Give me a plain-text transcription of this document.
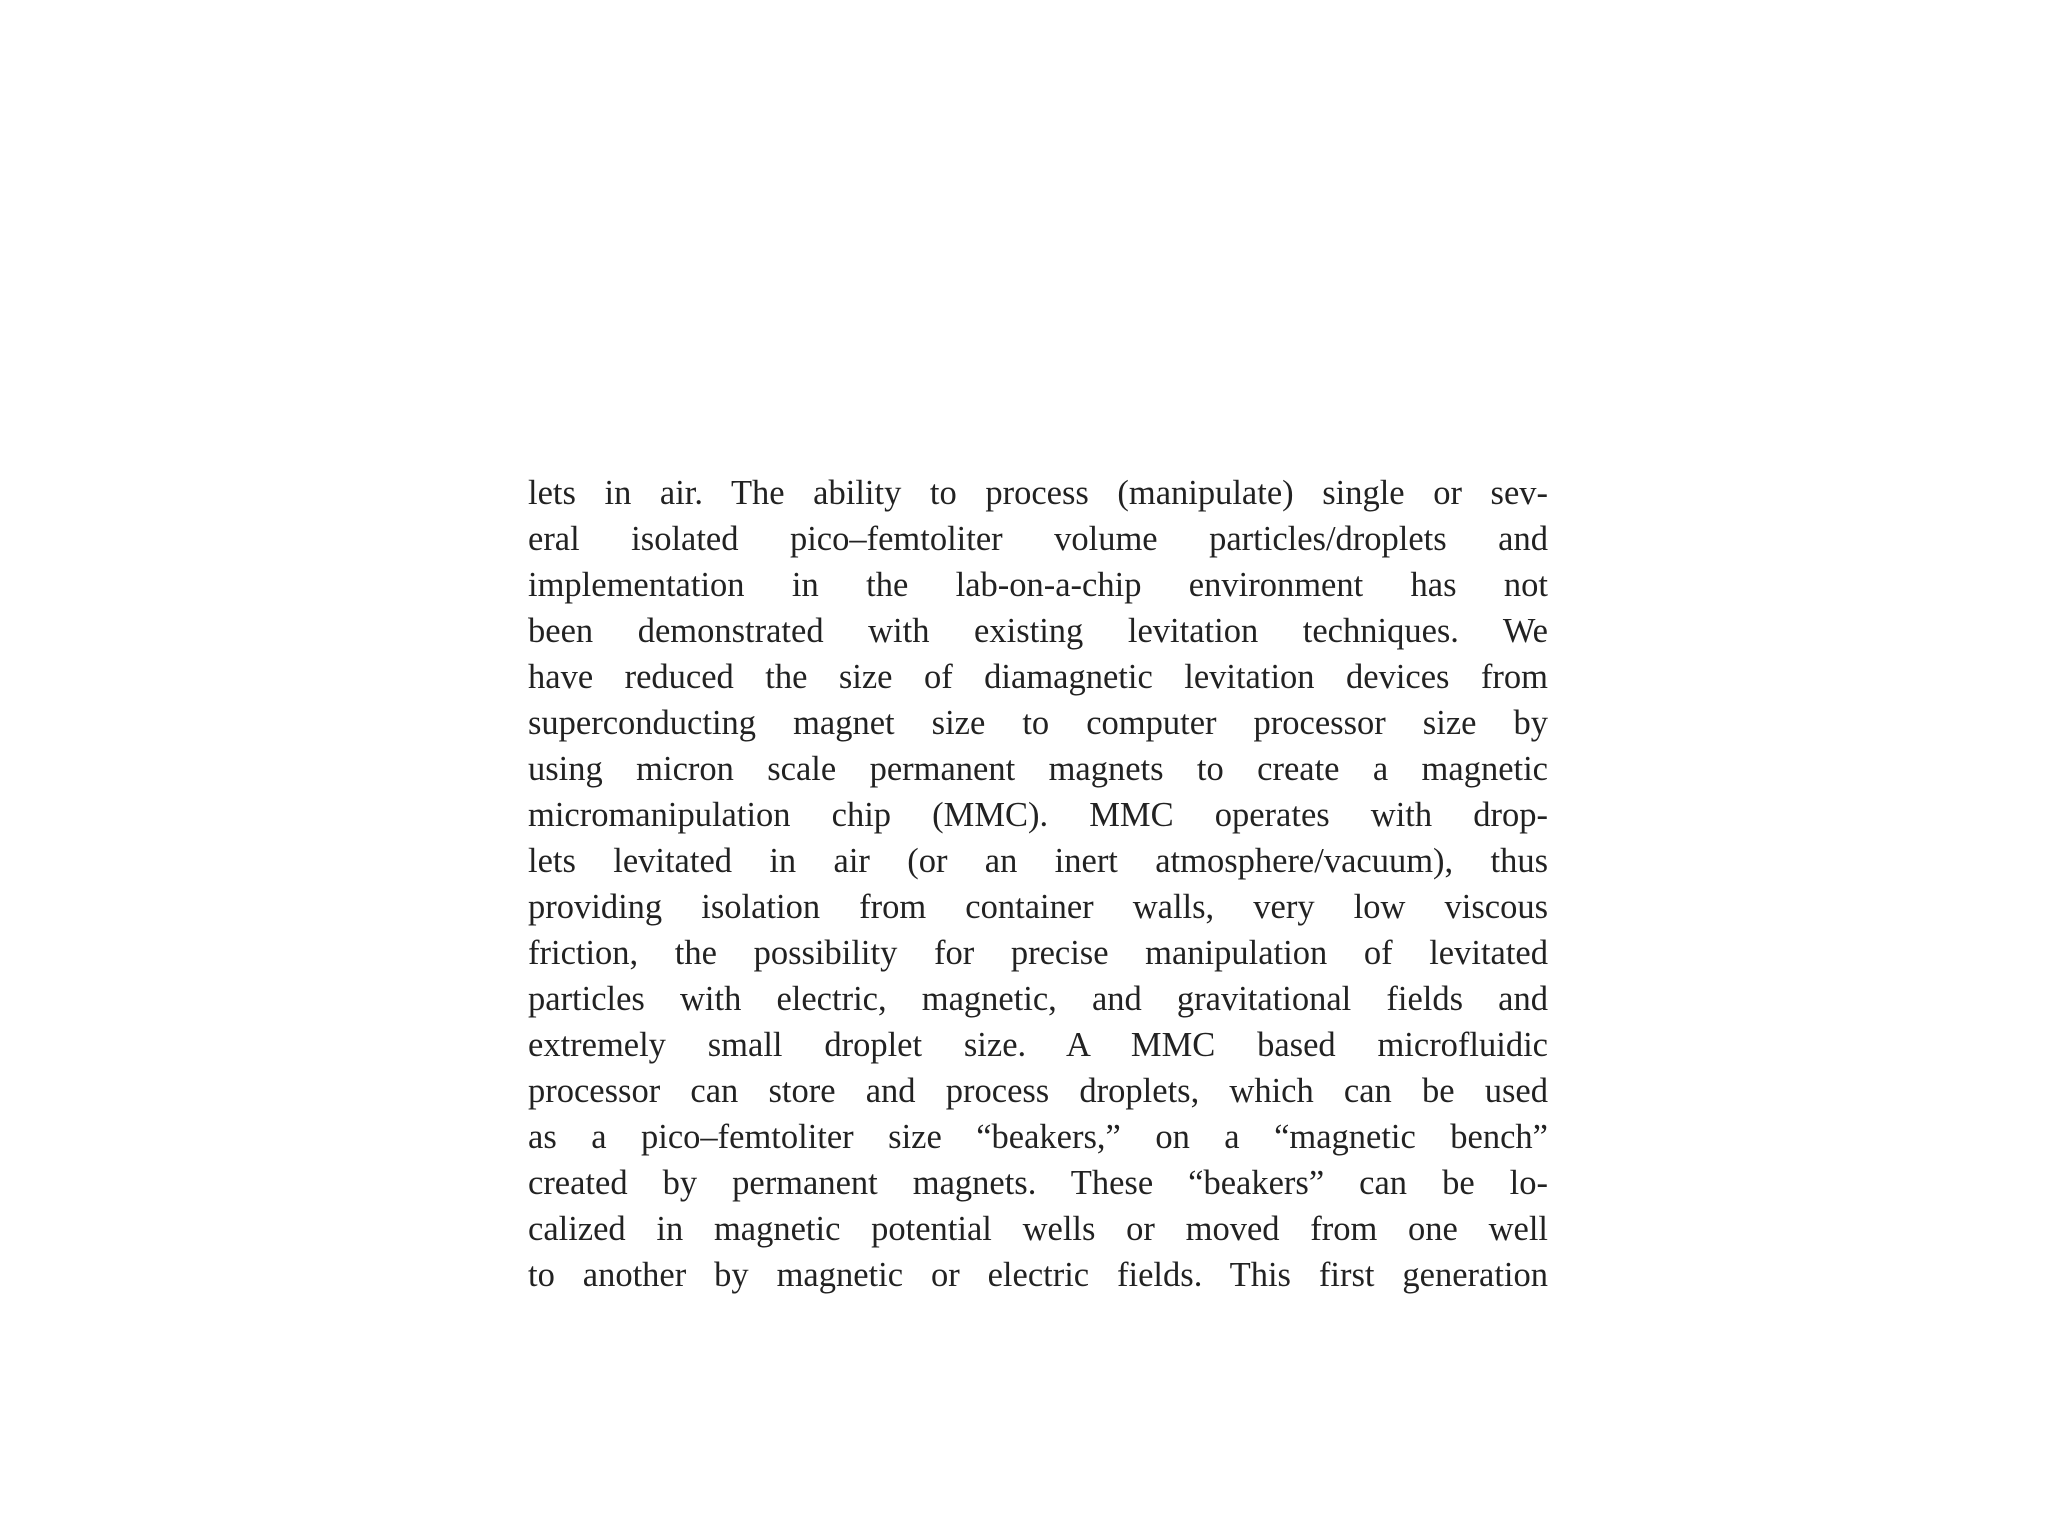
lets in air. The ability to process (manipulate) single or sev-
eral isolated pico–femtoliter volume particles/droplets and
implementation in the lab-on-a-chip environment has not
been demonstrated with existing levitation techniques. We
have reduced the size of diamagnetic levitation devices from
superconducting magnet size to computer processor size by
using micron scale permanent magnets to create a magnetic
micromanipulation chip (MMC). MMC operates with drop-
lets levitated in air (or an inert atmosphere/vacuum), thus
providing isolation from container walls, very low viscous
friction, the possibility for precise manipulation of levitated
particles with electric, magnetic, and gravitational fields and
extremely small droplet size. A MMC based microfluidic
processor can store and process droplets, which can be used
as a pico–femtoliter size “beakers,” on a “magnetic bench”
created by permanent magnets. These “beakers” can be lo-
calized in magnetic potential wells or moved from one well
to another by magnetic or electric fields. This first generation
